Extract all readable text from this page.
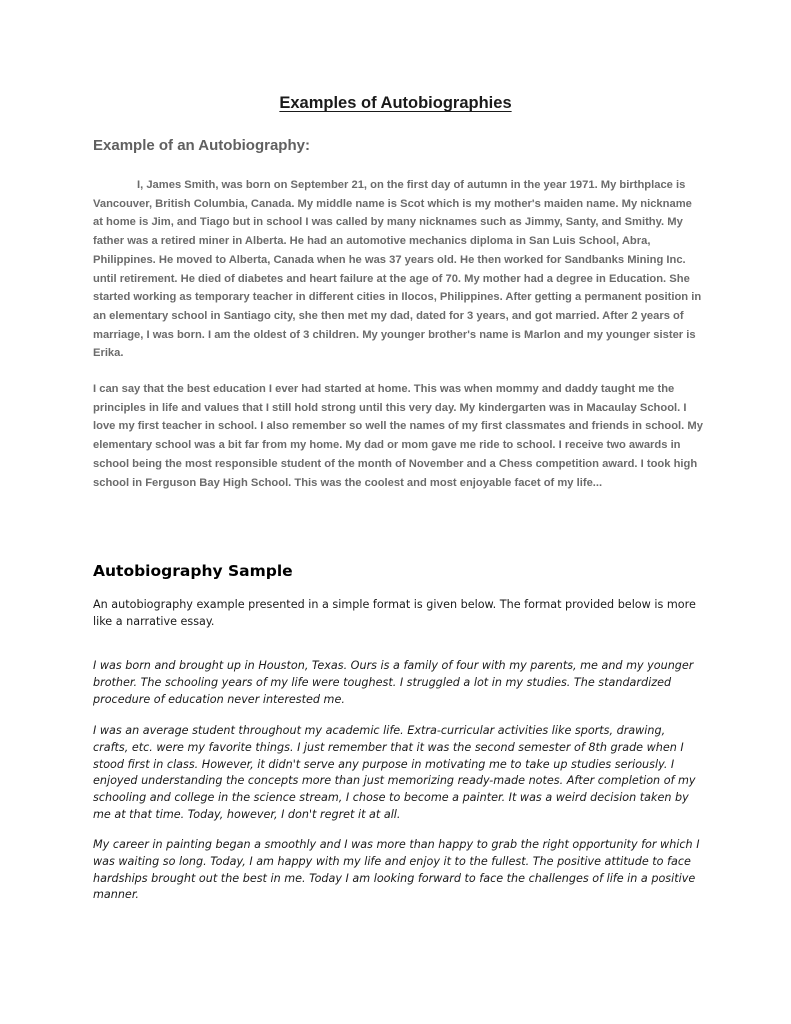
Examples of Autobiographies
Example of an Autobiography:

I, James Smith, was born on September 21, on the first day of autumn in the year 1971. My birthplace is Vancouver, British Columbia, Canada. My middle name is Scot which is my mother's maiden name. My nickname at home is Jim, and Tiago but in school I was called by many nicknames such as Jimmy, Santy, and Smithy. My father was a retired miner in Alberta. He had an automotive mechanics diploma in San Luis School, Abra, Philippines. He moved to Alberta, Canada when he was 37 years old. He then worked for Sandbanks Mining Inc. until retirement. He died of diabetes and heart failure at the age of 70. My mother had a degree in Education. She started working as temporary teacher in different cities in Ilocos, Philippines. After getting a permanent position in an elementary school in Santiago city, she then met my dad, dated for 3 years, and got married. After 2 years of marriage, I was born. I am the oldest of 3 children. My younger brother's name is Marlon and my younger sister is Erika.

I can say that the best education I ever had started at home. This was when mommy and daddy taught me the principles in life and values that I still hold strong until this very day. My kindergarten was in Macaulay School. I love my first teacher in school. I also remember so well the names of my first classmates and friends in school. My elementary school was a bit far from my home. My dad or mom gave me ride to school. I receive two awards in school being the most responsible student of the month of November and a Chess competition award. I took high school in Ferguson Bay High School. This was the coolest and most enjoyable facet of my life...

Autobiography Sample

An autobiography example presented in a simple format is given below. The format provided below is more like a narrative essay.

I was born and brought up in Houston, Texas. Ours is a family of four with my parents, me and my younger brother. The schooling years of my life were toughest. I struggled a lot in my studies. The standardized procedure of education never interested me.

I was an average student throughout my academic life. Extra-curricular activities like sports, drawing, crafts, etc. were my favorite things. I just remember that it was the second semester of 8th grade when I stood first in class. However, it didn't serve any purpose in motivating me to take up studies seriously. I enjoyed understanding the concepts more than just memorizing ready-made notes. After completion of my schooling and college in the science stream, I chose to become a painter. It was a weird decision taken by me at that time. Today, however, I don't regret it at all.

My career in painting began a smoothly and I was more than happy to grab the right opportunity for which I was waiting so long. Today, I am happy with my life and enjoy it to the fullest. The positive attitude to face hardships brought out the best in me. Today I am looking forward to face the challenges of life in a positive manner.
